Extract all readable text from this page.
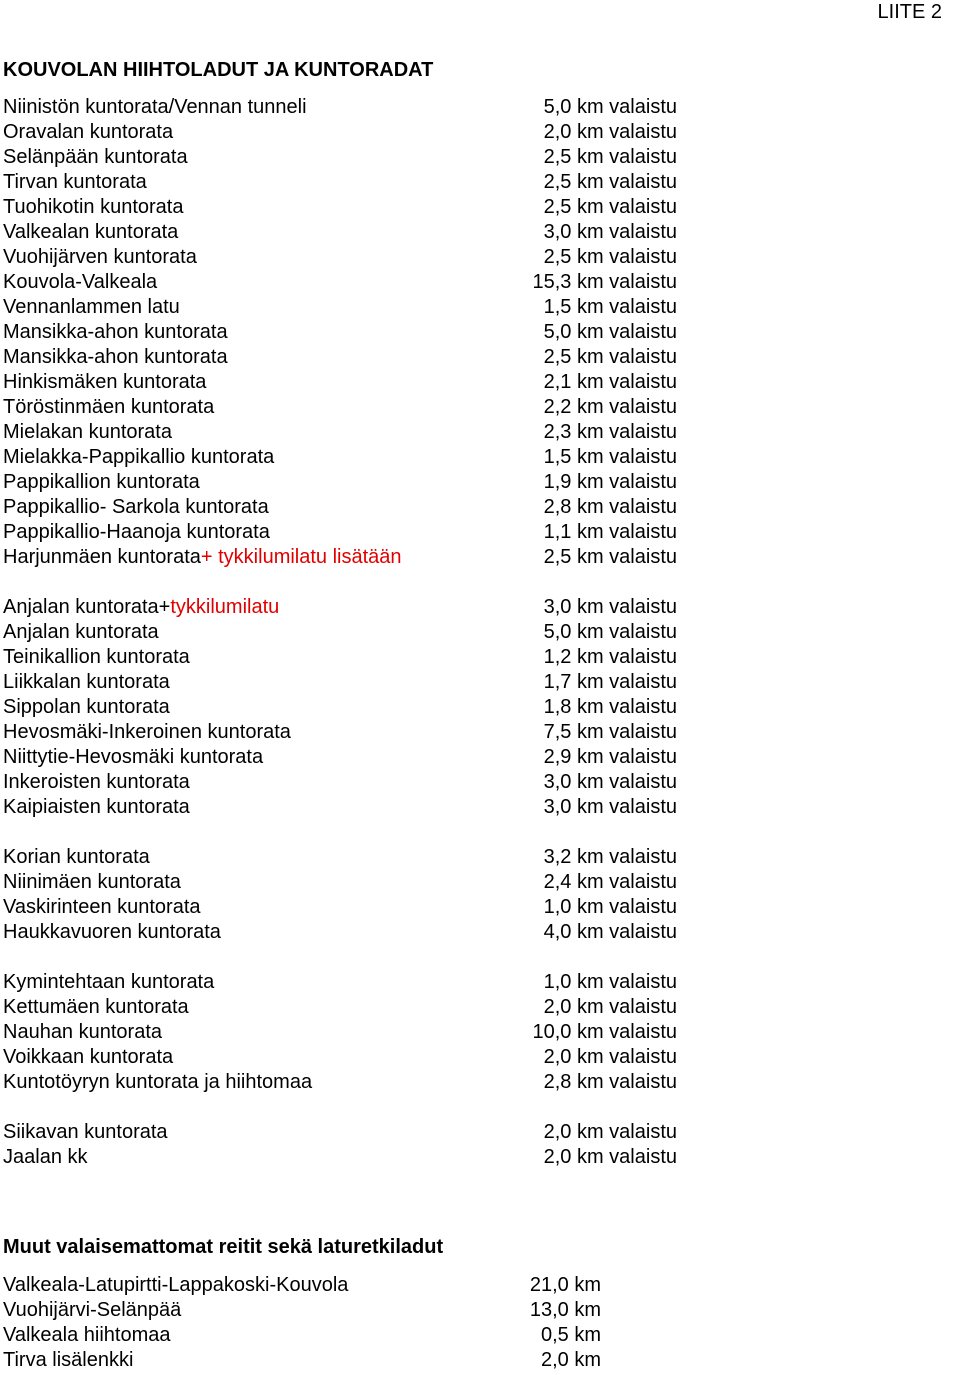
LIITE 2
KOUVOLAN HIIHTOLADUT JA KUNTORADAT
Niinistön kuntorata/Vennan tunneli	5,0 km valaistu
Oravalan kuntorata	2,0 km valaistu
Selänpään kuntorata	2,5 km valaistu
Tirvan kuntorata	2,5 km valaistu
Tuohikotin kuntorata	2,5 km valaistu
Valkealan kuntorata	3,0 km valaistu
Vuohijärven kuntorata	2,5 km valaistu
Kouvola-Valkeala	15,3 km valaistu
Vennanlammen latu	1,5 km valaistu
Mansikka-ahon kuntorata	5,0 km valaistu
Mansikka-ahon kuntorata	2,5 km valaistu
Hinkismäken kuntorata	2,1 km valaistu
Töröstinmäen kuntorata	2,2 km valaistu
Mielakan kuntorata	2,3 km valaistu
Mielakka-Pappikallio kuntorata	1,5 km valaistu
Pappikallion kuntorata	1,9 km valaistu
Pappikallio- Sarkola kuntorata	2,8 km valaistu
Pappikallio-Haanoja kuntorata	1,1 km valaistu
Harjunmäen kuntorata+ tykkilumilatu lisätään	2,5 km valaistu
Anjalan kuntorata+tykkilumilatu	3,0 km valaistu
Anjalan kuntorata	5,0 km valaistu
Teinikallion kuntorata	1,2 km valaistu
Liikkalan kuntorata	1,7 km valaistu
Sippolan kuntorata	1,8 km valaistu
Hevosmäki-Inkeroinen kuntorata	7,5 km valaistu
Niittytie-Hevosmäki kuntorata	2,9 km valaistu
Inkeroisten kuntorata	3,0 km valaistu
Kaipiaisten kuntorata	3,0 km valaistu
Korian kuntorata	3,2 km valaistu
Niinimäen kuntorata	2,4 km valaistu
Vaskirinteen kuntorata	1,0 km valaistu
Haukkavuoren kuntorata	4,0 km valaistu
Kymintehtaan kuntorata	1,0 km valaistu
Kettumäen kuntorata	2,0 km valaistu
Nauhan kuntorata	10,0 km valaistu
Voikkaan kuntorata	2,0 km valaistu
Kuntotöyryn kuntorata ja hiihtomaa	2,8 km valaistu
Siikavan kuntorata	2,0 km valaistu
Jaalan kk	2,0 km valaistu
Muut valaisemattomat reitit sekä laturetkiladut
Valkeala-Latupirtti-Lappakoski-Kouvola	21,0 km
Vuohijärvi-Selänpää	13,0 km
Valkeala hiihtomaa	0,5 km
Tirva lisälenkki	2,0 km
